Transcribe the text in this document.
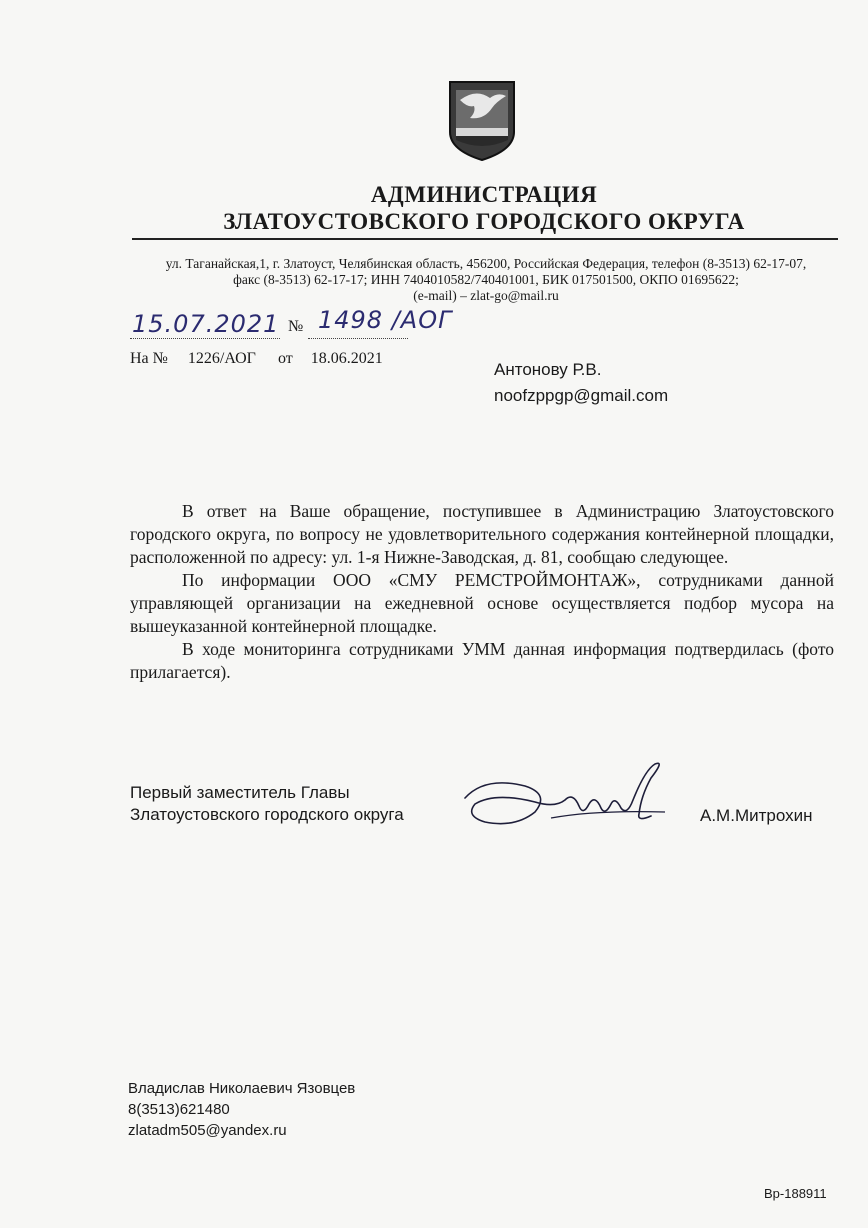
АДМИНИСТРАЦИЯ
ЗЛАТОУСТОВСКОГО ГОРОДСКОГО ОКРУГА
ул. Таганайская,1, г. Златоуст, Челябинская область, 456200, Российская Федерация, телефон (8-3513) 62-17-07,
факс (8-3513) 62-17-17; ИНН 7404010582/740401001, БИК 017501500, ОКПО 01695622;
(e-mail) – zlat-go@mail.ru
15.07.2021 № 1498 /АОГ
На № 1226/АОГ от 18.06.2021
Антонову Р.В.
noofzppgp@gmail.com

В ответ на Ваше обращение, поступившее в Администрацию Златоустовского городского округа, по вопросу не удовлетворительного содержания контейнерной площадки, расположенной по адресу: ул. 1-я Нижне-Заводская, д. 81, сообщаю следующее.

По информации ООО «СМУ РЕМСТРОЙМОНТАЖ», сотрудниками данной управляющей организации на ежедневной основе осуществляется подбор мусора на вышеуказанной контейнерной площадке.

В ходе мониторинга сотрудниками УММ данная информация подтвердилась (фото прилагается).

Первый заместитель Главы
Златоустовского городского округа	А.М.Митрохин
Владислав Николаевич Язовцев
8(3513)621480
zlatadm505@yandex.ru
Вр-188911
